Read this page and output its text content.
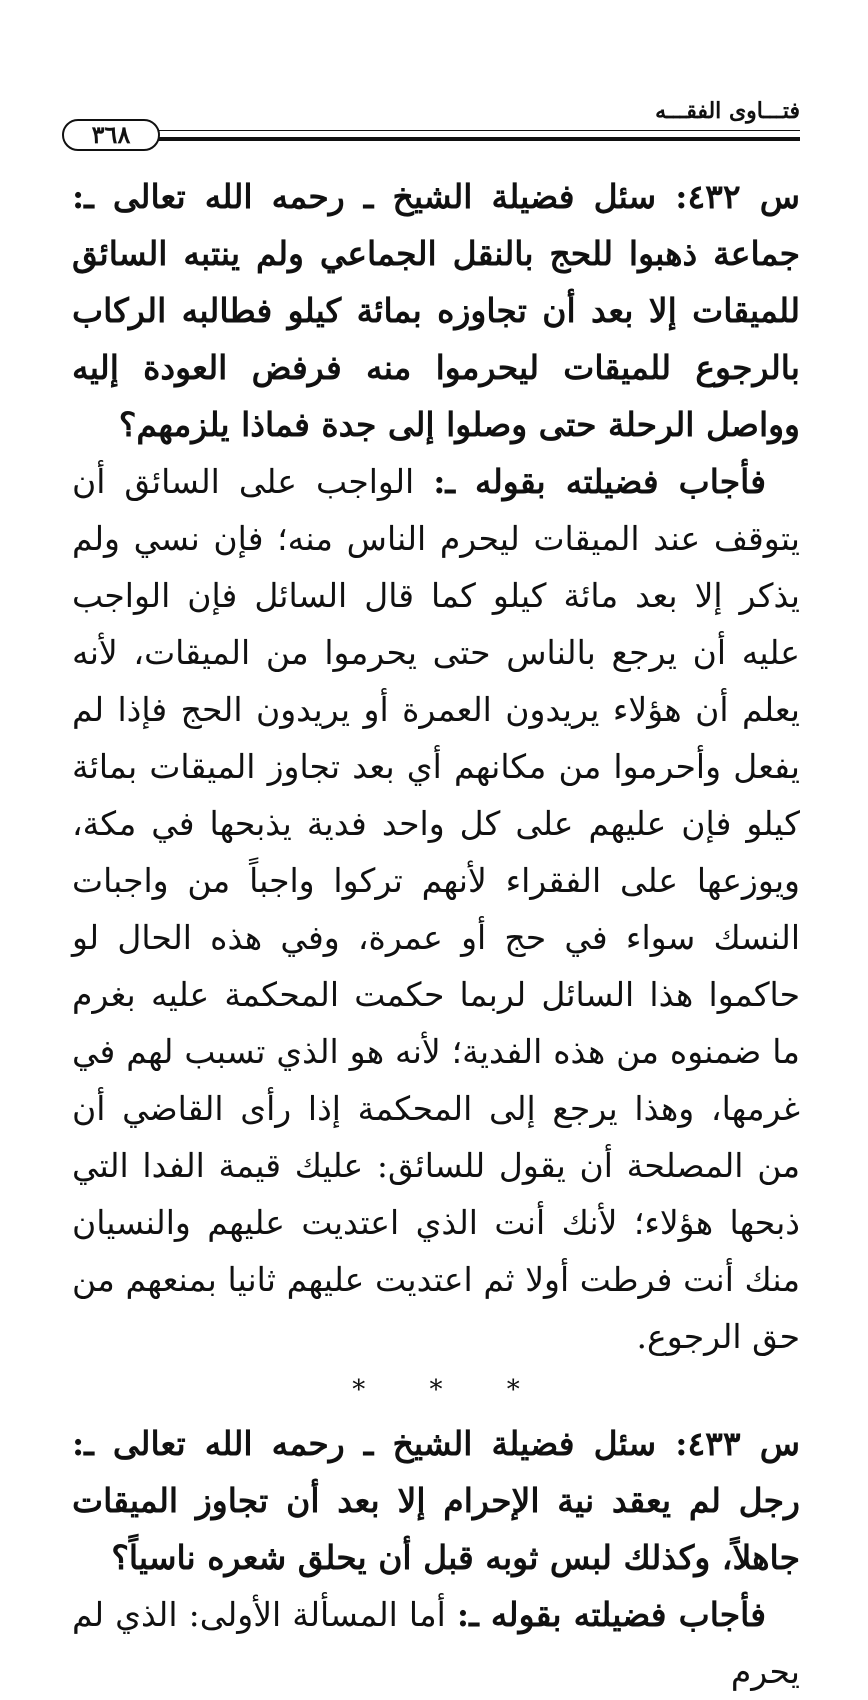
فتـــاوى الفقـــه
٣٦٨

س ٤٣٢: سئل فضيلة الشيخ ـ رحمه الله تعالى ـ: جماعة ذهبوا للحج بالنقل الجماعي ولم ينتبه السائق للميقات إلا بعد أن تجاوزه بمائة كيلو فطالبه الركاب بالرجوع للميقات ليحرموا منه فرفض العودة إليه وواصل الرحلة حتى وصلوا إلى جدة فماذا يلزمهم؟

فأجاب فضيلته بقوله ـ: الواجب على السائق أن يتوقف عند الميقات ليحرم الناس منه؛ فإن نسي ولم يذكر إلا بعد مائة كيلو كما قال السائل فإن الواجب عليه أن يرجع بالناس حتى يحرموا من الميقات، لأنه يعلم أن هؤلاء يريدون العمرة أو يريدون الحج فإذا لم يفعل وأحرموا من مكانهم أي بعد تجاوز الميقات بمائة كيلو فإن عليهم على كل واحد فدية يذبحها في مكة، ويوزعها على الفقراء لأنهم تركوا واجباً من واجبات النسك سواء في حج أو عمرة، وفي هذه الحال لو حاكموا هذا السائل لربما حكمت المحكمة عليه بغرم ما ضمنوه من هذه الفدية؛ لأنه هو الذي تسبب لهم في غرمها، وهذا يرجع إلى المحكمة إذا رأى القاضي أن من المصلحة أن يقول للسائق: عليك قيمة الفدا التي ذبحها هؤلاء؛ لأنك أنت الذي اعتديت عليهم والنسيان منك أنت فرطت أولا ثم اعتديت عليهم ثانيا بمنعهم من حق الرجوع.

* * *

س ٤٣٣: سئل فضيلة الشيخ ـ رحمه الله تعالى ـ: رجل لم يعقد نية الإحرام إلا بعد أن تجاوز الميقات جاهلاً، وكذلك لبس ثوبه قبل أن يحلق شعره ناسياً؟

فأجاب فضيلته بقوله ـ: أما المسألة الأولى: الذي لم يحرم
